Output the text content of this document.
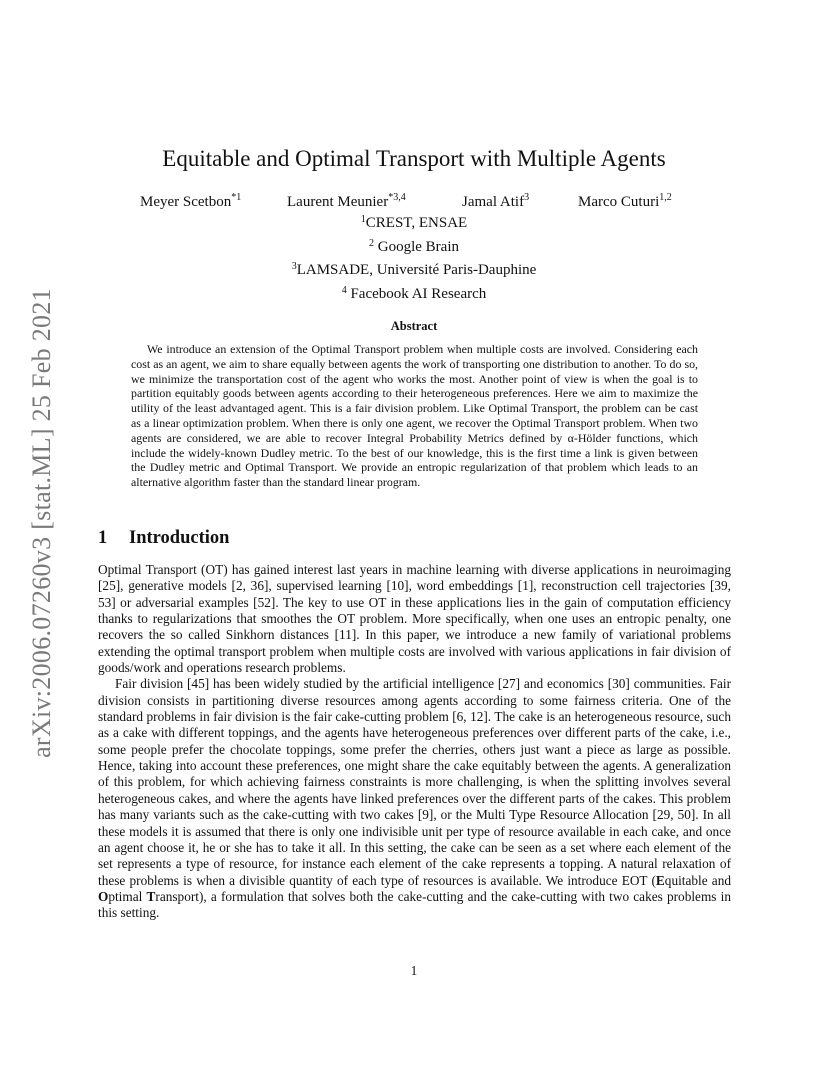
arXiv:2006.07260v3 [stat.ML] 25 Feb 2021
Equitable and Optimal Transport with Multiple Agents
Meyer Scetbon$^{*1}$	Laurent Meunier$^{*3,4}$	Jamal Atif$^3$	Marco Cuturi$^{1,2}$
$^1$CREST, ENSAE
$^2$ Google Brain
$^3$LAMSADE, Université Paris-Dauphine
$^4$ Facebook AI Research
Abstract
We introduce an extension of the Optimal Transport problem when multiple costs are involved. Considering each cost as an agent, we aim to share equally between agents the work of transporting one distribution to another. To do so, we minimize the transportation cost of the agent who works the most. Another point of view is when the goal is to partition equitably goods between agents according to their heterogeneous preferences. Here we aim to maximize the utility of the least advantaged agent. This is a fair division problem. Like Optimal Transport, the problem can be cast as a linear optimization problem. When there is only one agent, we recover the Optimal Transport problem. When two agents are considered, we are able to recover Integral Probability Metrics defined by α-Hölder functions, which include the widely-known Dudley metric. To the best of our knowledge, this is the first time a link is given between the Dudley metric and Optimal Transport. We provide an entropic regularization of that problem which leads to an alternative algorithm faster than the standard linear program.
1 Introduction

Optimal Transport (OT) has gained interest last years in machine learning with diverse applications in neuroimaging [25], generative models [2, 36], supervised learning [10], word embeddings [1], reconstruction cell trajectories [39, 53] or adversarial examples [52]. The key to use OT in these applications lies in the gain of computation efficiency thanks to regularizations that smoothes the OT problem. More specifically, when one uses an entropic penalty, one recovers the so called Sinkhorn distances [11]. In this paper, we introduce a new family of variational problems extending the optimal transport problem when multiple costs are involved with various applications in fair division of goods/work and operations research problems.

Fair division [45] has been widely studied by the artificial intelligence [27] and economics [30] communities. Fair division consists in partitioning diverse resources among agents according to some fairness criteria. One of the standard problems in fair division is the fair cake-cutting problem [6, 12]. The cake is an heterogeneous resource, such as a cake with different toppings, and the agents have heterogeneous preferences over different parts of the cake, i.e., some people prefer the chocolate toppings, some prefer the cherries, others just want a piece as large as possible. Hence, taking into account these preferences, one might share the cake equitably between the agents. A generalization of this problem, for which achieving fairness constraints is more challenging, is when the splitting involves several heterogeneous cakes, and where the agents have linked preferences over the different parts of the cakes. This problem has many variants such as the cake-cutting with two cakes [9], or the Multi Type Resource Allocation [29, 50]. In all these models it is assumed that there is only one indivisible unit per type of resource available in each cake, and once an agent choose it, he or she has to take it all. In this setting, the cake can be seen as a set where each element of the set represents a type of resource, for instance each element of the cake represents a topping. A natural relaxation of these problems is when a divisible quantity of each type of resources is available. We introduce EOT (Equitable and Optimal Transport), a formulation that solves both the cake-cutting and the cake-cutting with two cakes problems in this setting.

1
